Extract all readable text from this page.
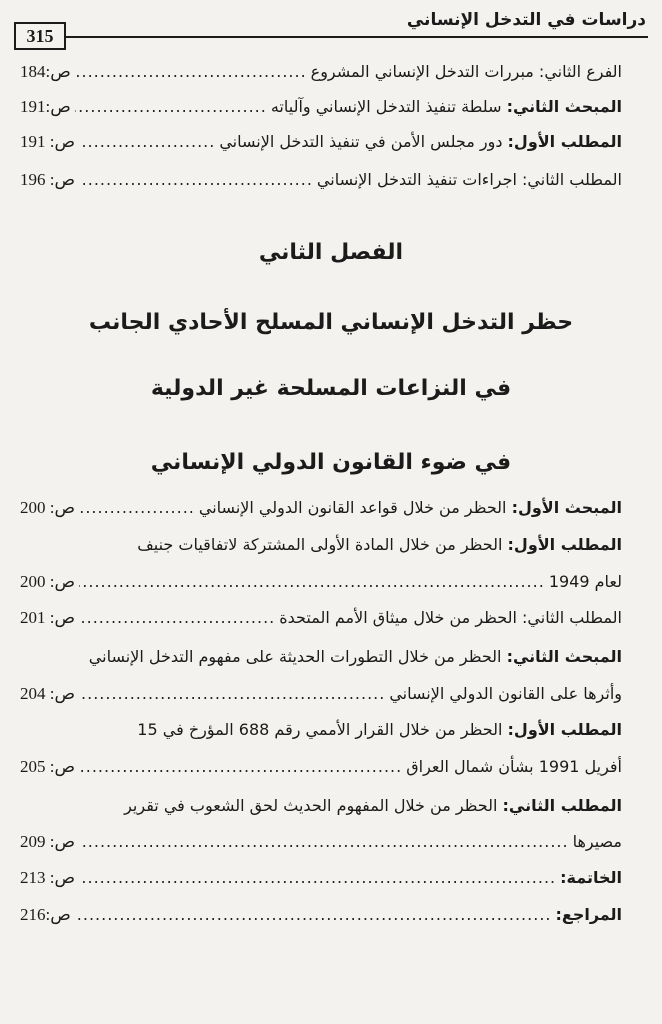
315
دراسات في التدخل الإنساني
الفرع الثاني: مبررات التدخل الإنساني المشروع
.....
ص:184
المبحث الثاني: سلطة تنفيذ التدخل الإنساني وآلياته
.....
ص:191
المطلب الأول: دور مجلس الأمن في تنفيذ التدخل الإنساني
.....
ص: 191
المطلب الثاني: اجراءات تنفيذ التدخل الإنساني
.....
ص: 196
الفصل الثاني
حظر التدخل الإنساني المسلح الأحادي الجانب
في النزاعات المسلحة غير الدولية
في ضوء القانون الدولي الإنساني
المبحث الأول: الحظر من خلال قواعد القانون الدولي الإنساني
.....
ص: 200
المطلب الأول: الحظر من خلال المادة الأولى المشتركة لاتفاقيات جنيف
لعام 1949
.....
ص: 200
المطلب الثاني: الحظر من خلال ميثاق الأمم المتحدة
.....
ص: 201
المبحث الثاني: الحظر من خلال التطورات الحديثة على مفهوم التدخل الإنساني
وأثرها على القانون الدولي الإنساني
.....
ص: 204
المطلب الأول: الحظر من خلال القرار الأممي رقم 688 المؤرخ في 15
أفريل 1991 بشأن شمال العراق
.....
ص: 205
المطلب الثاني: الحظر من خلال المفهوم الحديث لحق الشعوب في تقرير
مصيرها
.....
ص: 209
الخاتمة:
.....
ص: 213
المراجع:
.....
ص:216
